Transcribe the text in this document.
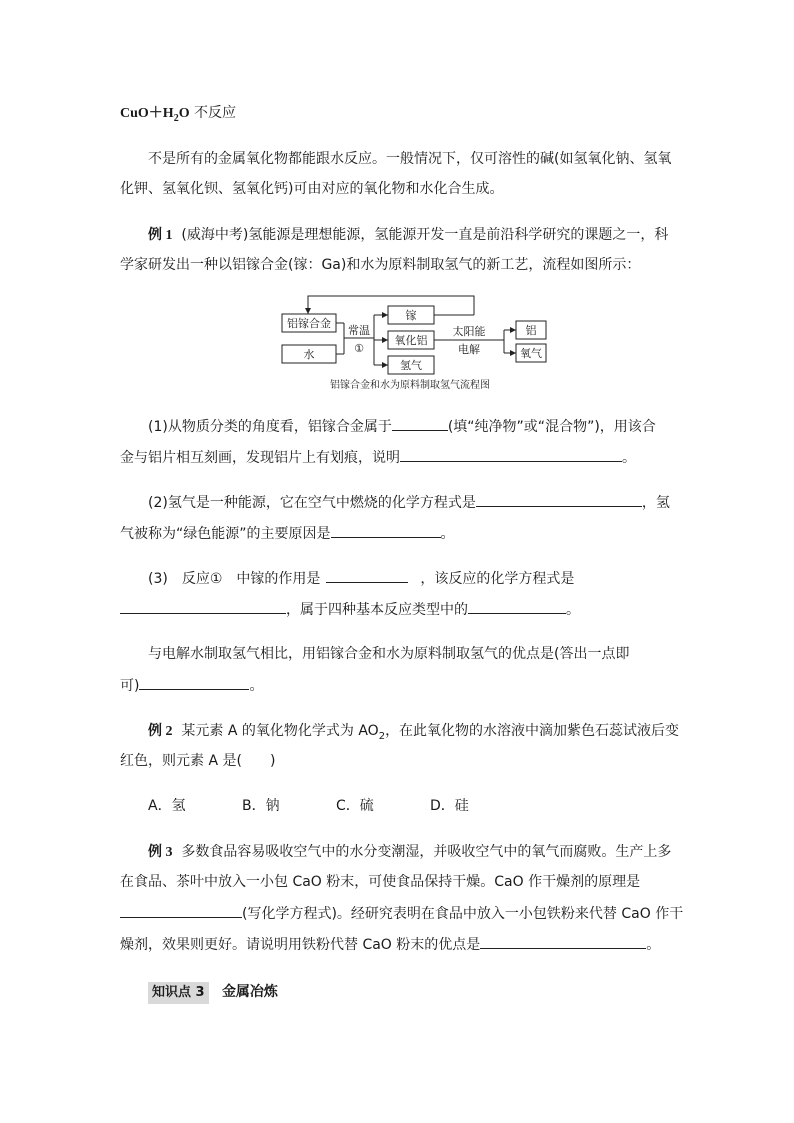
$CuO+H_2O$ 不反应
不是所有的金属氧化物都能跟水反应。一般情况下，仅可溶性的碱(如氢氧化钠、氢氧
化钾、氢氧化钡、氢氧化钙)可由对应的氧化物和水化合生成。
例 1 (威海中考)氢能源是理想能源，氢能源开发一直是前沿科学研究的课题之一，科
学家研发出一种以铝镓合金(镓：Ga)和水为原料制取氢气的新工艺，流程如图所示：
铝镓合金
水
常温
①
镓
氧化铝
氢气
太阳能
电解
铝
氧气
铝镓合金和水为原料制取氢气流程图
(1)从物质分类的角度看，铝镓合金属于	(填“纯净物”或“混合物”)，用该合
金与铝片相互刻画，发现铝片上有划痕，说明	。
(2)氢气是一种能源，它在空气中燃烧的化学方程式是	，氢
气被称为“绿色能源”的主要原因是	。
(3)　反应①　中镓的作用是	，该反应的化学方程式是
，属于四种基本反应类型中的	。
与电解水制取氢气相比，用铝镓合金和水为原料制取氢气的优点是(答出一点即
可)	。
例 2 某元素 A 的氧化物化学式为 $AO_2$，在此氧化物的水溶液中滴加紫色石蕊试液后变
红色，则元素 A 是(　　)
A．氢	B．钠	C．硫	D．硅
例 3 多数食品容易吸收空气中的水分变潮湿，并吸收空气中的氧气而腐败。生产上多
在食品、茶叶中放入一小包 CaO 粉末，可使食品保持干燥。CaO 作干燥剂的原理是
(写化学方程式)。经研究表明在食品中放入一小包铁粉来代替 CaO 作干
燥剂，效果则更好。请说明用铁粉代替 CaO 粉末的优点是	。
知识点 3 金属冶炼
